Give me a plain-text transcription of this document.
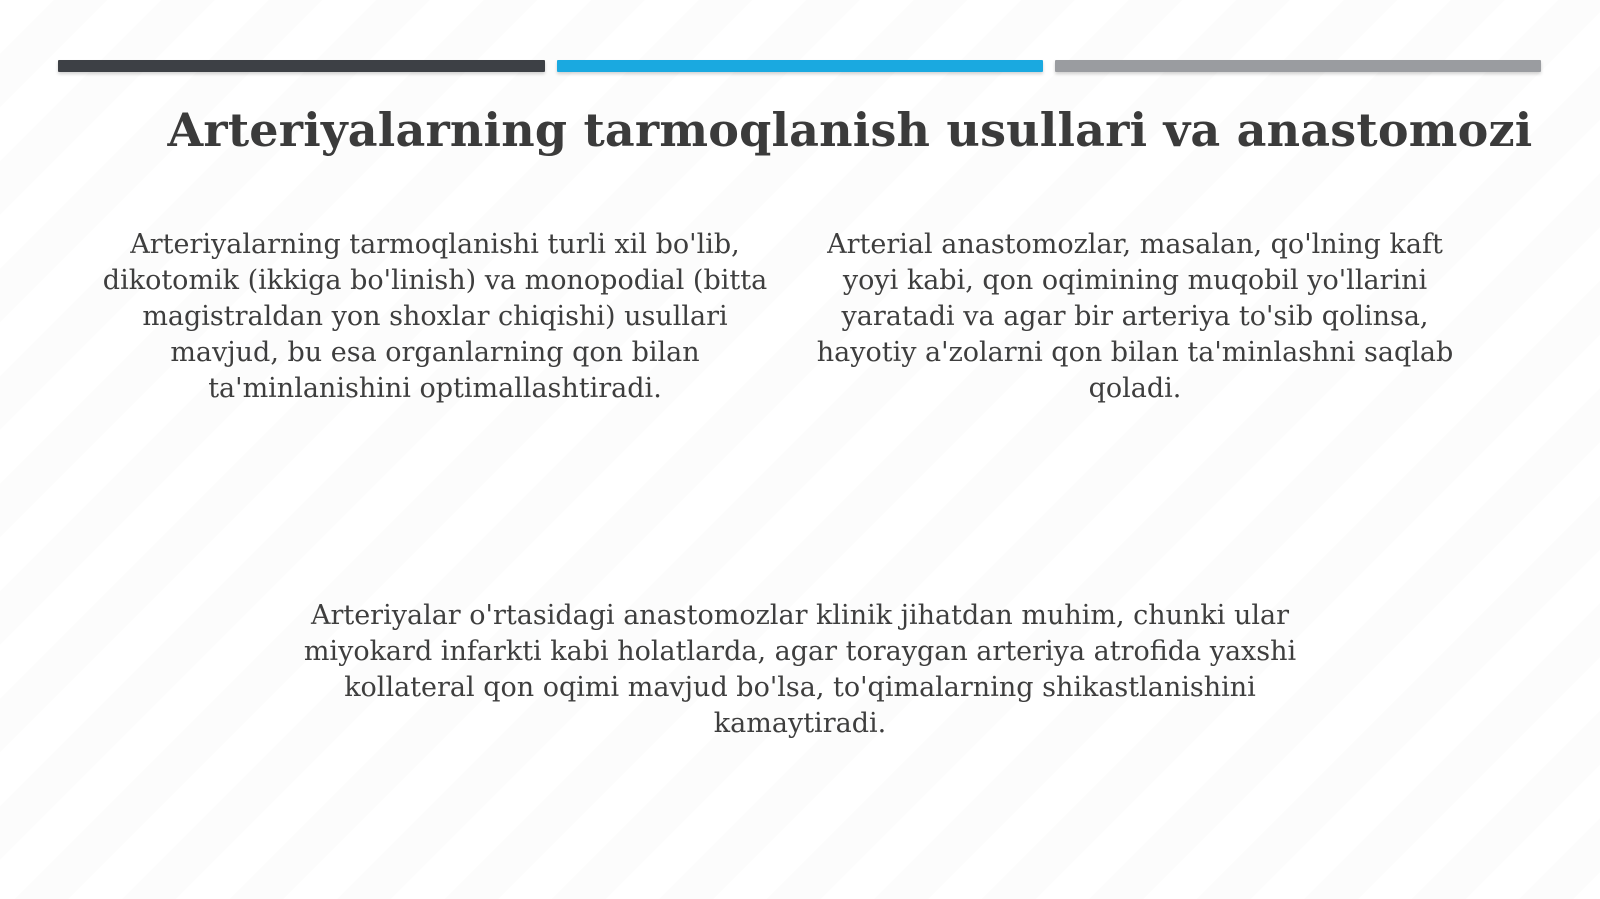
Arteriyalarning tarmoqlanish usullari va anastomozi

Arteriyalarning tarmoqlanishi turli xil bo'lib, dikotomik (ikkiga bo'linish) va monopodial (bitta magistraldan yon shoxlar chiqishi) usullari mavjud, bu esa organlarning qon bilan ta'minlanishini optimallashtiradi.

Arterial anastomozlar, masalan, qo'lning kaft yoyi kabi, qon oqimining muqobil yo'llarini yaratadi va agar bir arteriya to'sib qolinsa, hayotiy a'zolarni qon bilan ta'minlashni saqlab qoladi.

Arteriyalar o'rtasidagi anastomozlar klinik jihatdan muhim, chunki ular miyokard infarkti kabi holatlarda, agar toraygan arteriya atrofida yaxshi kollateral qon oqimi mavjud bo'lsa, to'qimalarning shikastlanishini kamaytiradi.
